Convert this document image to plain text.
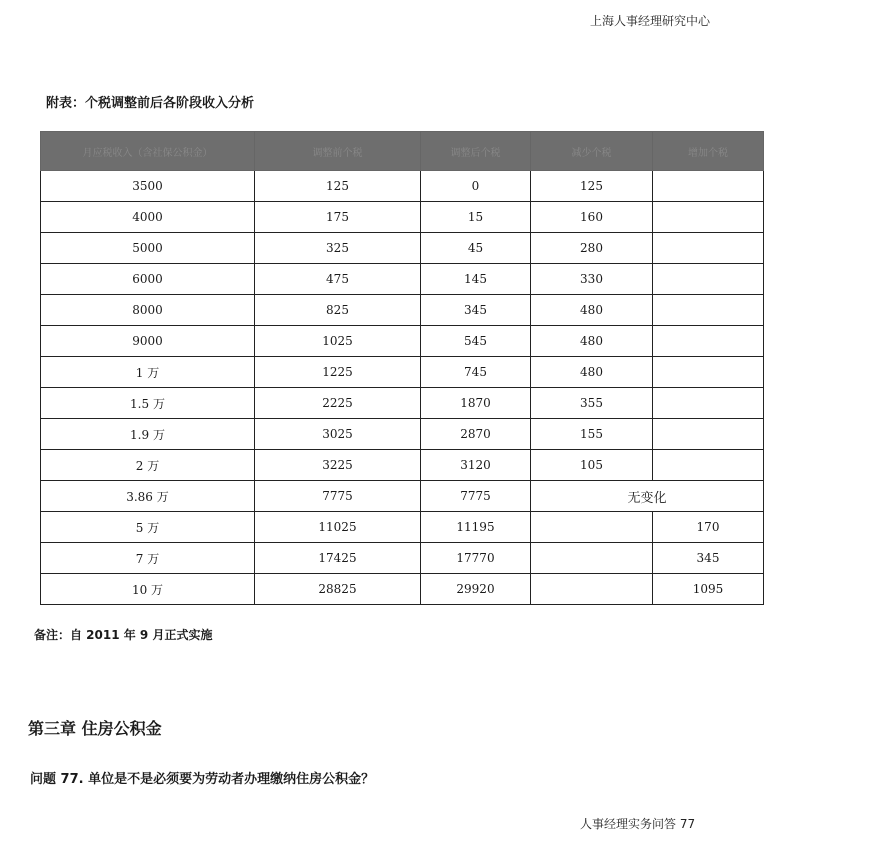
上海人事经理研究中心
附表：个税调整前后各阶段收入分析
月应税收入（含社保公积金）	调整前个税	调整后个税	减少个税	增加个税
3500	125	0	125	
4000	175	15	160	
5000	325	45	280	
6000	475	145	330	
8000	825	345	480	
9000	1025	545	480	
1 万	1225	745	480	
1.5 万	2225	1870	355	
1.9 万	3025	2870	155	
2 万	3225	3120	105	
3.86 万	7775	7775	无变化	
5 万	11025	11195		170
7 万	17425	17770		345
10 万	28825	29920		1095
备注：自 2011 年 9 月正式实施
第三章 住房公积金
问题 77. 单位是不是必须要为劳动者办理缴纳住房公积金？
人事经理实务问答 77
